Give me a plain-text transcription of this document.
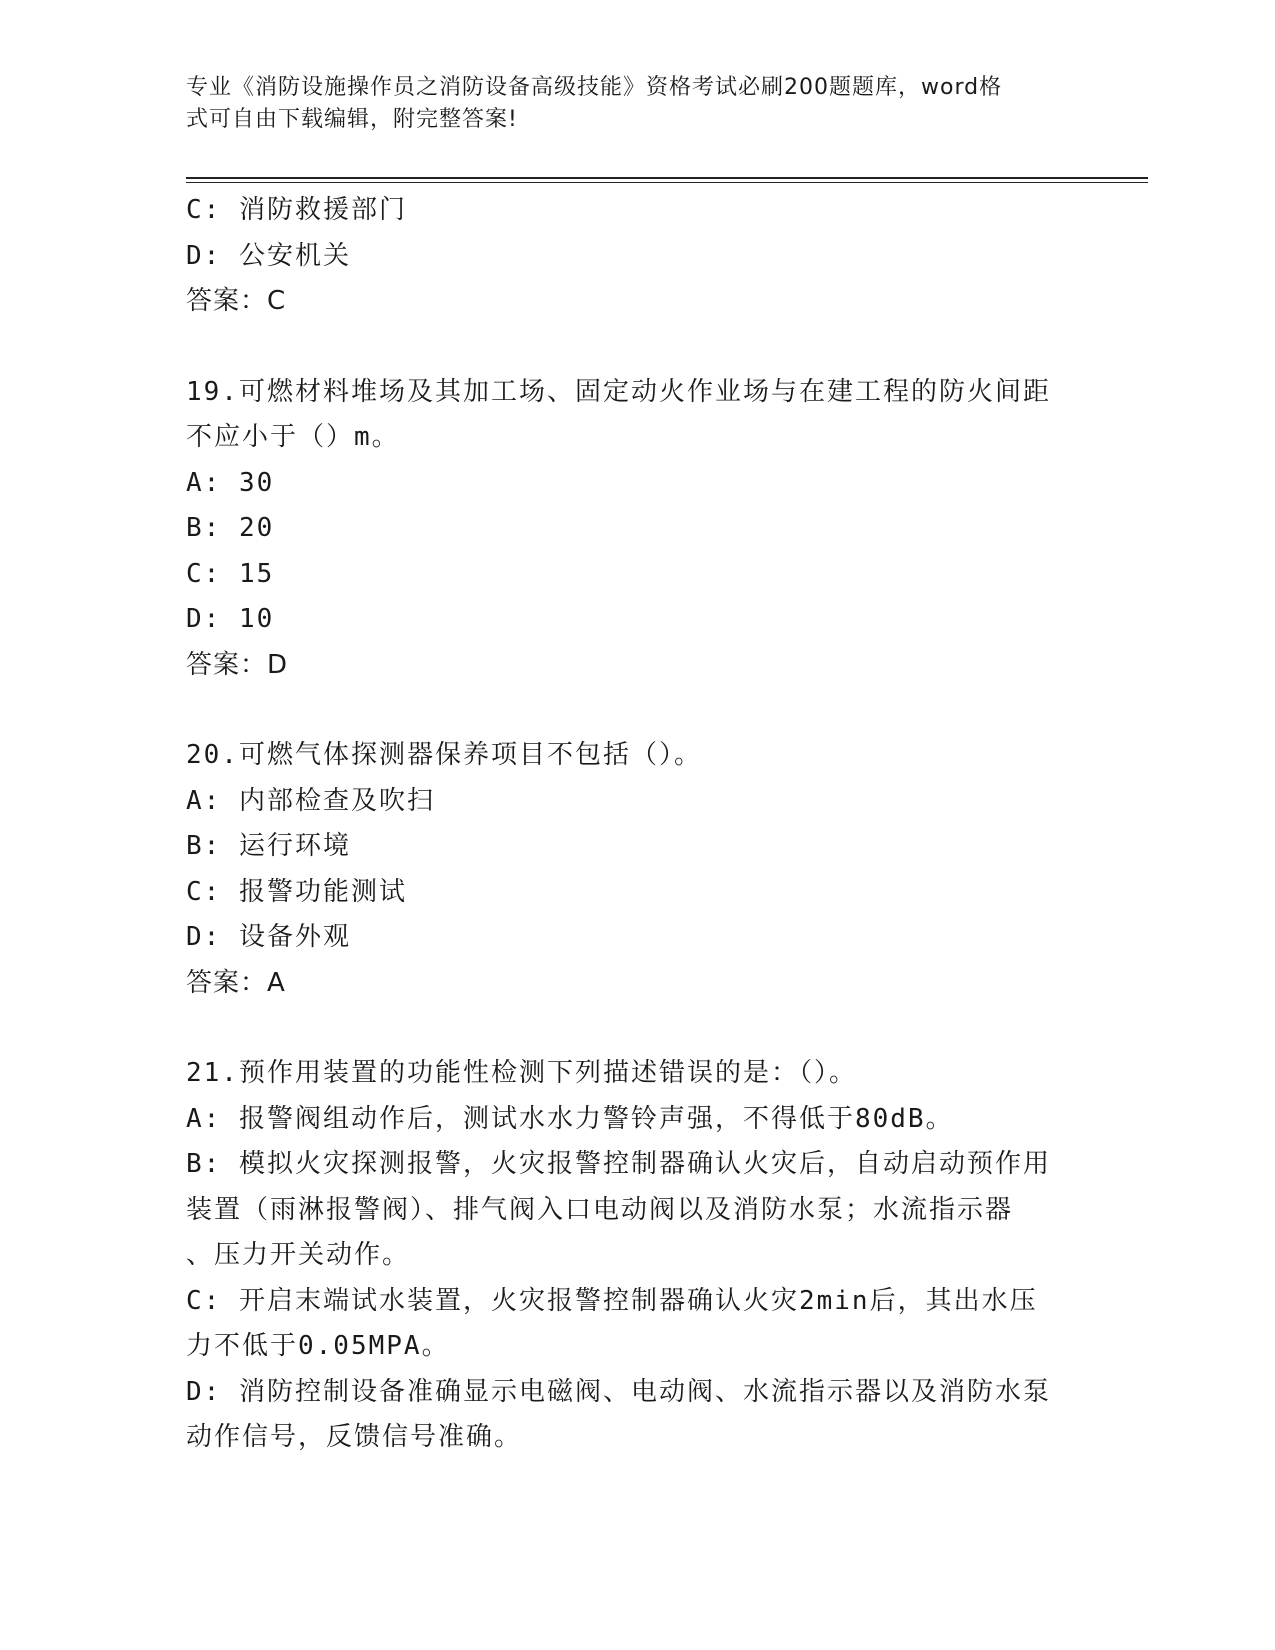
专业《消防设施操作员之消防设备高级技能》资格考试必刷200题题库，word格
式可自由下载编辑，附完整答案!
C: 消防救援部门
D: 公安机关
答案：C
19.可燃材料堆场及其加工场、固定动火作业场与在建工程的防火间距
不应小于（）m。
A: 30
B: 20
C: 15
D: 10
答案：D
20.可燃气体探测器保养项目不包括（）。
A: 内部检查及吹扫
B: 运行环境
C: 报警功能测试
D: 设备外观
答案：A
21.预作用装置的功能性检测下列描述错误的是：（）。
A: 报警阀组动作后，测试水水力警铃声强，不得低于80dB。
B: 模拟火灾探测报警，火灾报警控制器确认火灾后，自动启动预作用
装置（雨淋报警阀）、排气阀入口电动阀以及消防水泵；水流指示器
、压力开关动作。
C: 开启末端试水装置，火灾报警控制器确认火灾2min后，其出水压
力不低于0.05MPA。
D: 消防控制设备准确显示电磁阀、电动阀、水流指示器以及消防水泵
动作信号，反馈信号准确。
